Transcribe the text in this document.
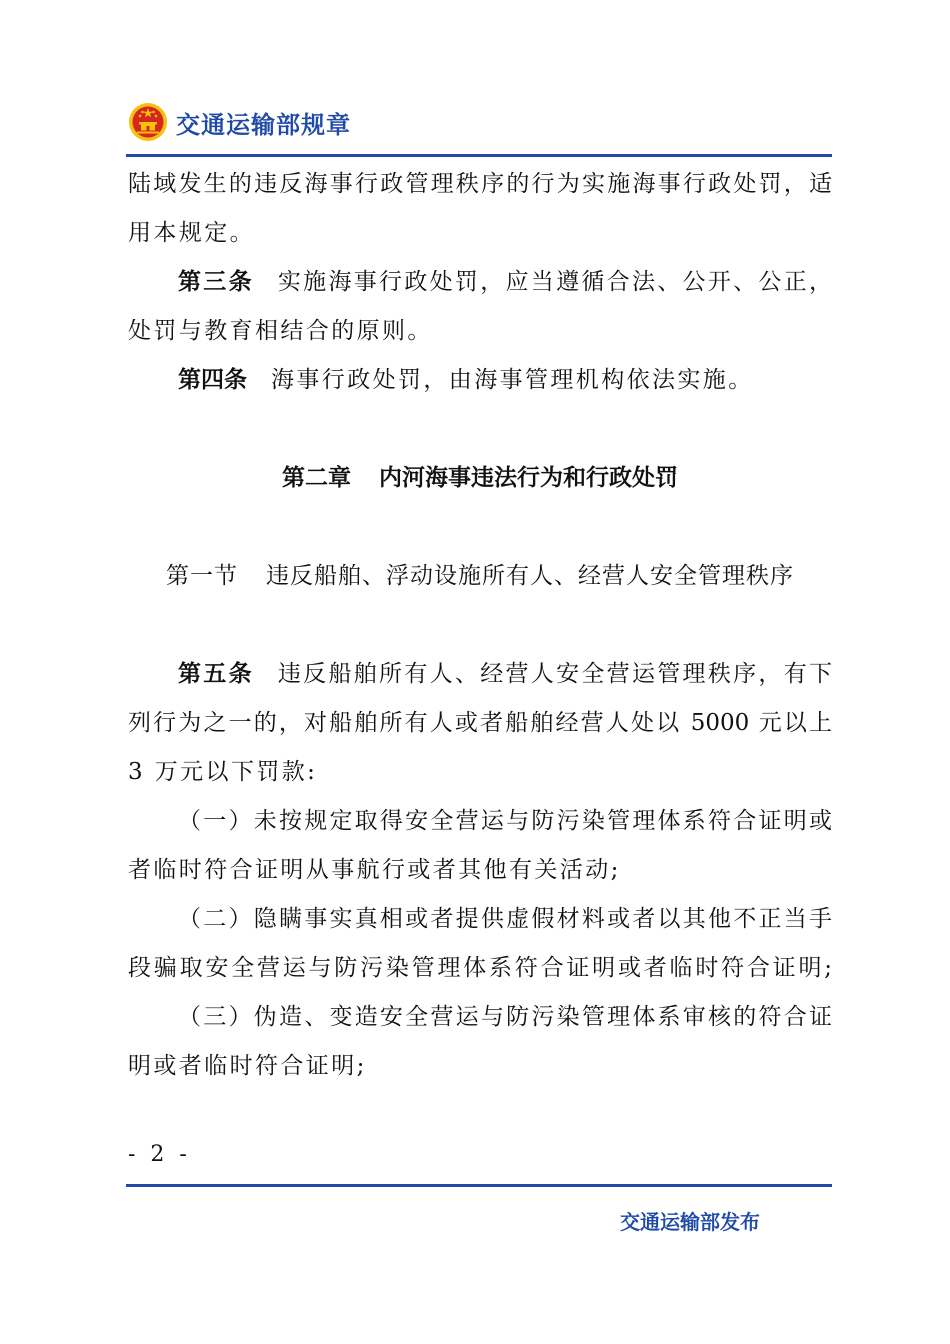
交通运输部规章
陆域发生的违反海事行政管理秩序的行为实施海事行政处罚，适
用本规定。
第三条 实施海事行政处罚，应当遵循合法、公开、公正，
处罚与教育相结合的原则。
第四条 海事行政处罚，由海事管理机构依法实施。
第二章 内河海事违法行为和行政处罚
第一节 违反船舶、浮动设施所有人、经营人安全管理秩序
第五条 违反船舶所有人、经营人安全营运管理秩序，有下
列行为之一的，对船舶所有人或者船舶经营人处以 5000 元以上
3 万元以下罚款:
（一）未按规定取得安全营运与防污染管理体系符合证明或
者临时符合证明从事航行或者其他有关活动;
（二）隐瞒事实真相或者提供虚假材料或者以其他不正当手
段骗取安全营运与防污染管理体系符合证明或者临时符合证明;
（三）伪造、变造安全营运与防污染管理体系审核的符合证
明或者临时符合证明;
- 2 -
交通运输部发布
